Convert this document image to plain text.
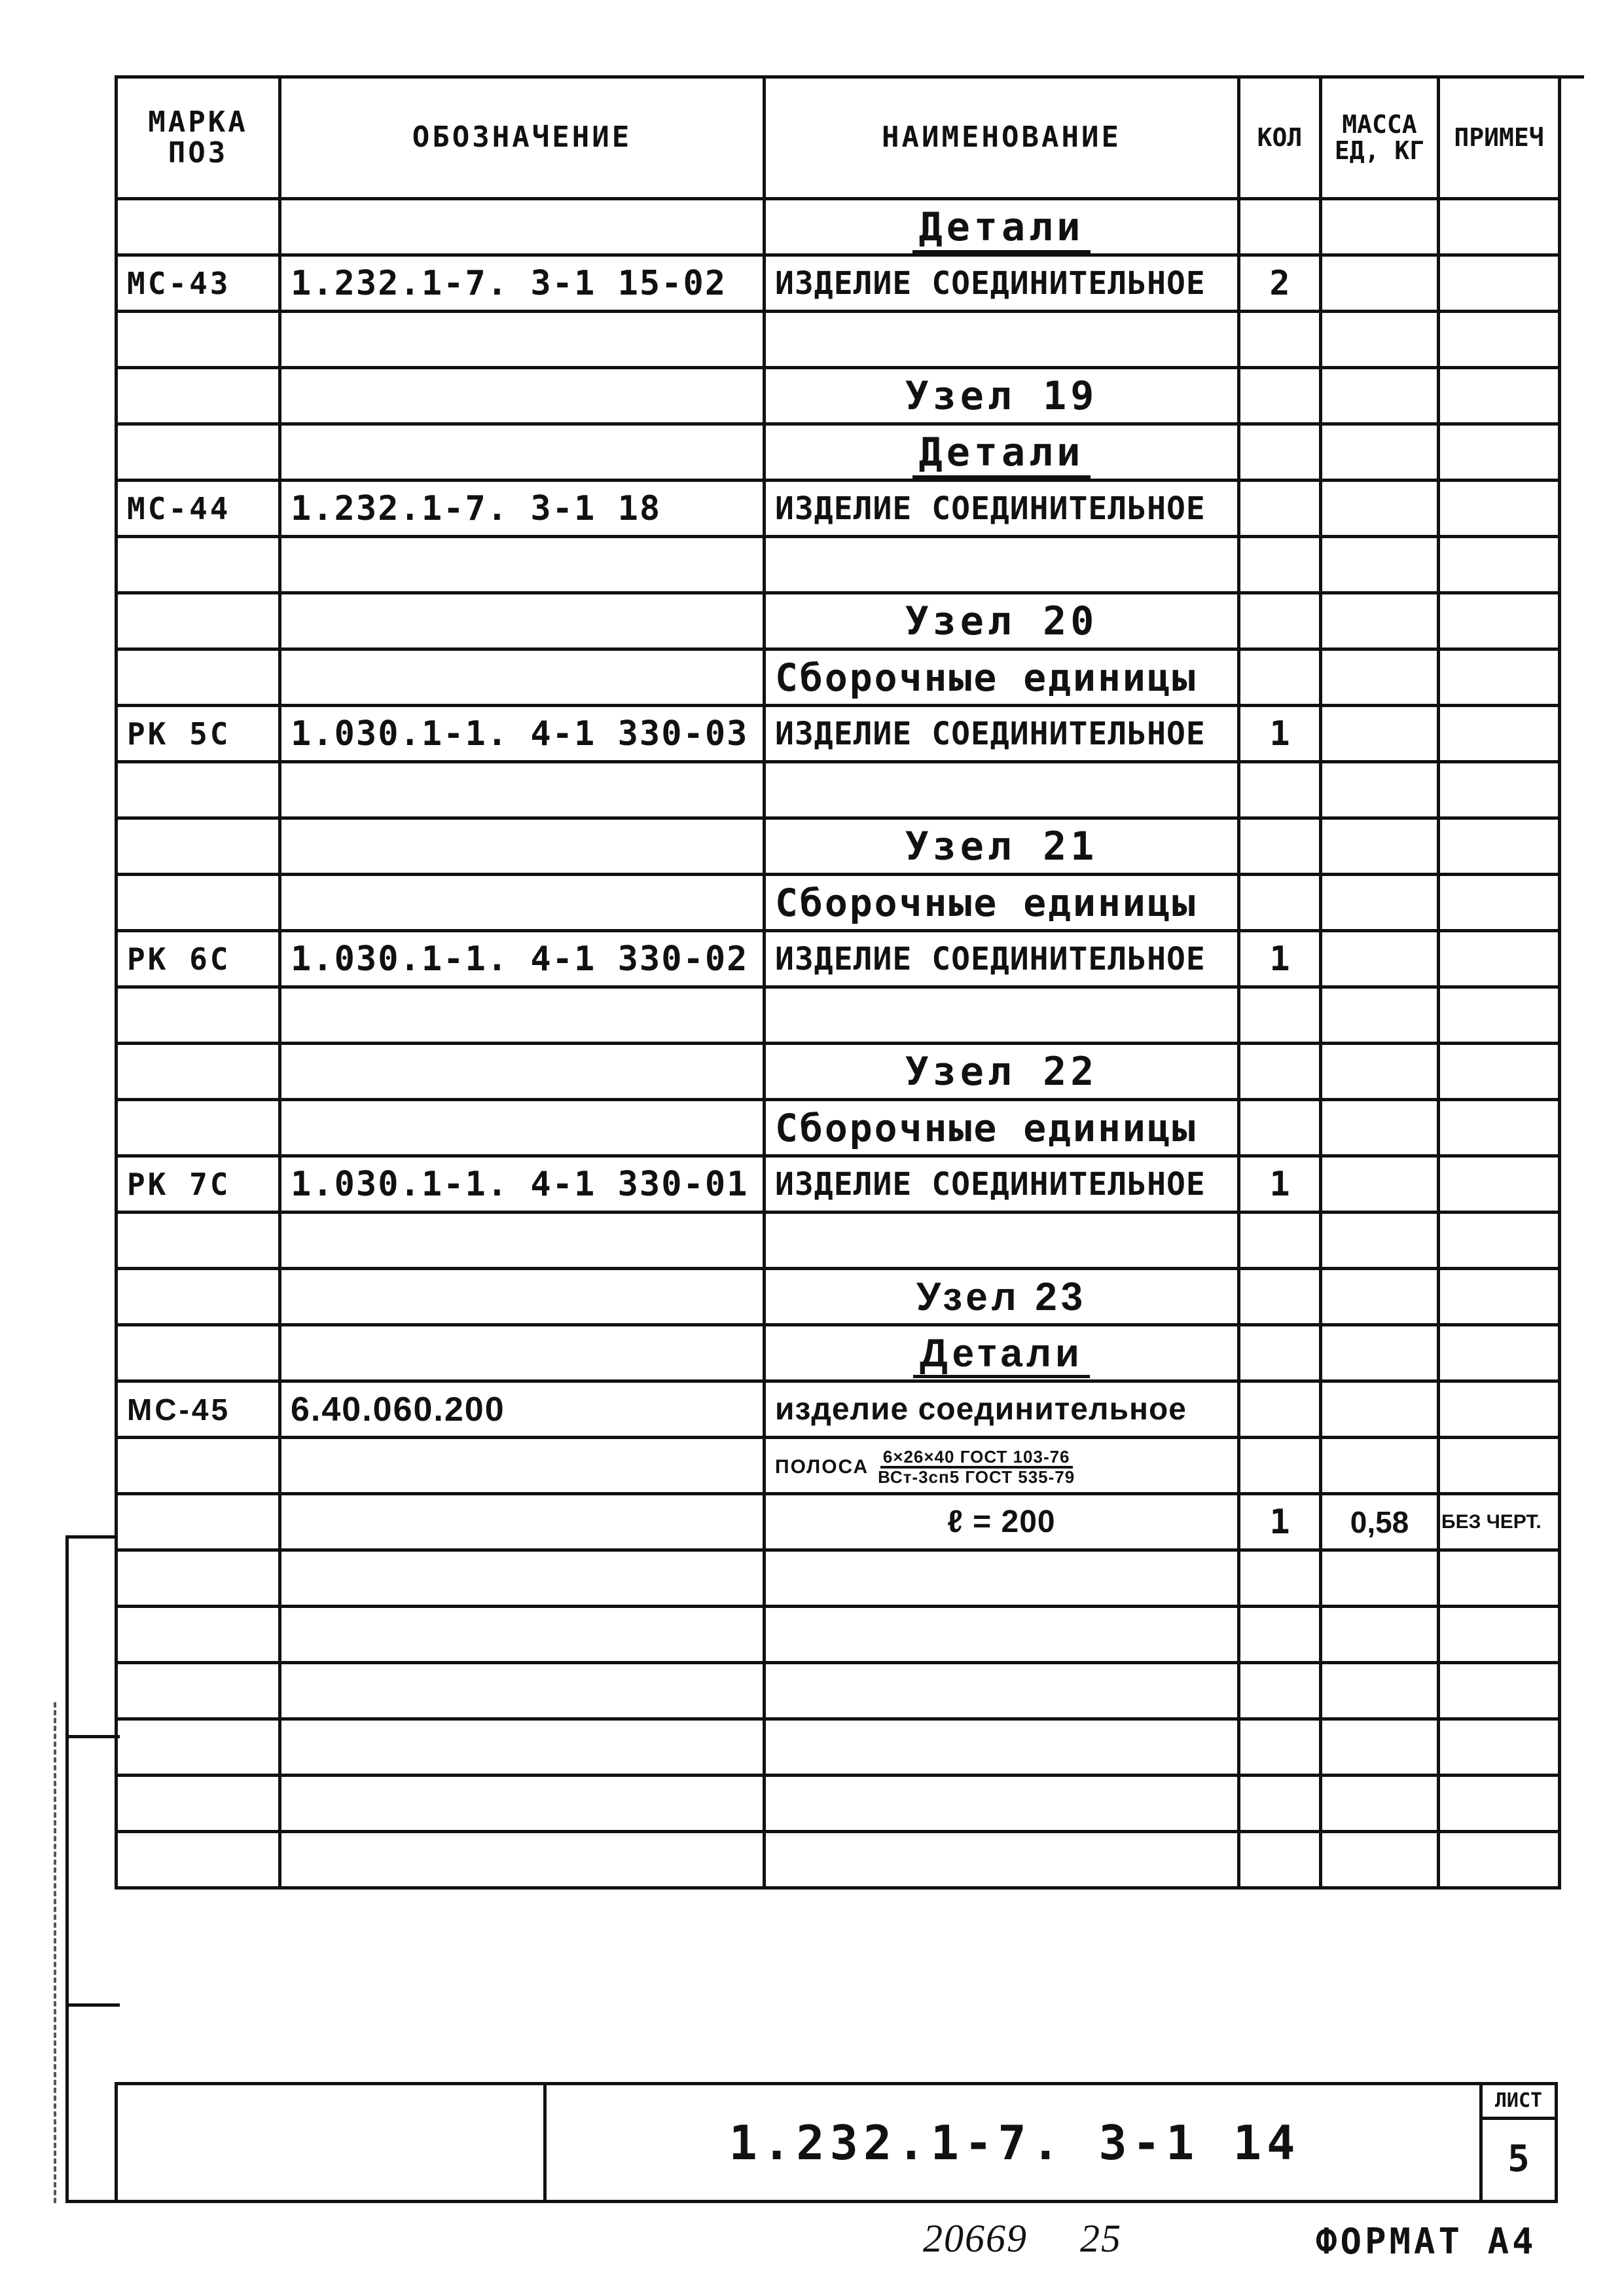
МАРКА ПОЗ	ОБОЗНАЧЕНИЕ	НАИМЕНОВАНИЕ	КОЛ	МАССА ЕД, КГ	ПРИМЕЧ
		Детали			
МС-43	1.232.1-7. 3-1 15-02	ИЗДЕЛИЕ СОЕДИНИТЕЛЬНОЕ	2		

		Узел 19			
		Детали			
МС-44	1.232.1-7. 3-1 18	ИЗДЕЛИЕ СОЕДИНИТЕЛЬНОЕ			

		Узел 20			
		Сборочные единицы			
РК 5С	1.030.1-1. 4-1 330-03	ИЗДЕЛИЕ СОЕДИНИТЕЛЬНОЕ	1		

		Узел 21			
		Сборочные единицы			
РК 6С	1.030.1-1. 4-1 330-02	ИЗДЕЛИЕ СОЕДИНИТЕЛЬНОЕ	1		

		Узел 22			
		Сборочные единицы			
РК 7С	1.030.1-1. 4-1 330-01	ИЗДЕЛИЕ СОЕДИНИТЕЛЬНОЕ	1		

		Узел 23			
		Детали			
МС-45	6.40.060.200	изделие соединительное			

		ПОЛОСА $\frac{\text{6×26×40 ГОСТ 103-76}}{\text{ВСт-3сп5 ГОСТ 535-79}}$

		ℓ = 200	1	0,58	БЕЗ ЧЕРТ.

1.232.1-7. 3-1 14
ЛИСТ
5
20669 25	ФОРМАТ А4
